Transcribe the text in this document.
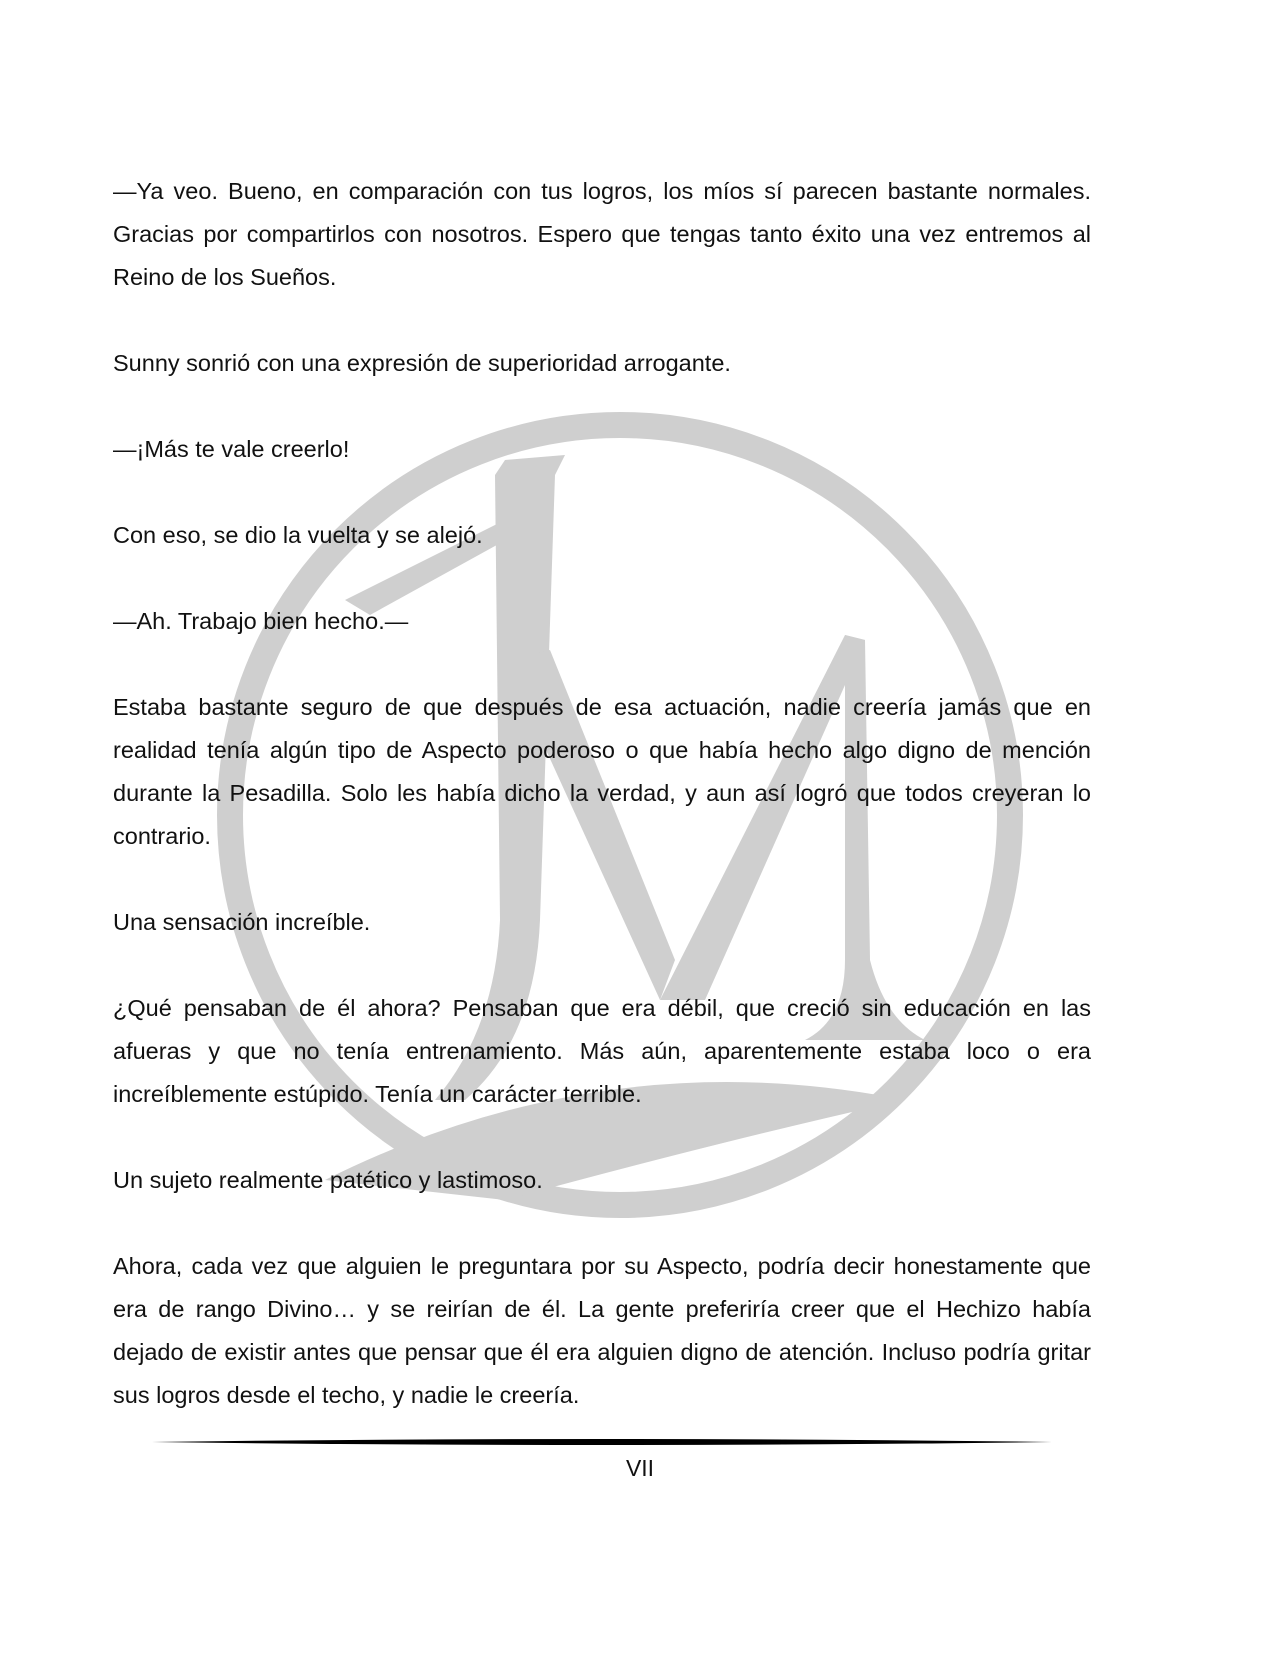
—Ya veo. Bueno, en comparación con tus logros, los míos sí parecen bastante normales. Gracias por compartirlos con nosotros. Espero que tengas tanto éxito una vez entremos al Reino de los Sueños.

Sunny sonrió con una expresión de superioridad arrogante.

—¡Más te vale creerlo!

Con eso, se dio la vuelta y se alejó.

—Ah. Trabajo bien hecho.—

Estaba bastante seguro de que después de esa actuación, nadie creería jamás que en realidad tenía algún tipo de Aspecto poderoso o que había hecho algo digno de mención durante la Pesadilla. Solo les había dicho la verdad, y aun así logró que todos creyeran lo contrario.

Una sensación increíble.

¿Qué pensaban de él ahora? Pensaban que era débil, que creció sin educación en las afueras y que no tenía entrenamiento. Más aún, aparentemente estaba loco o era increíblemente estúpido. Tenía un carácter terrible.

Un sujeto realmente patético y lastimoso.

Ahora, cada vez que alguien le preguntara por su Aspecto, podría decir honestamente que era de rango Divino… y se reirían de él. La gente preferiría creer que el Hechizo había dejado de existir antes que pensar que él era alguien digno de atención. Incluso podría gritar sus logros desde el techo, y nadie le creería.

VII
